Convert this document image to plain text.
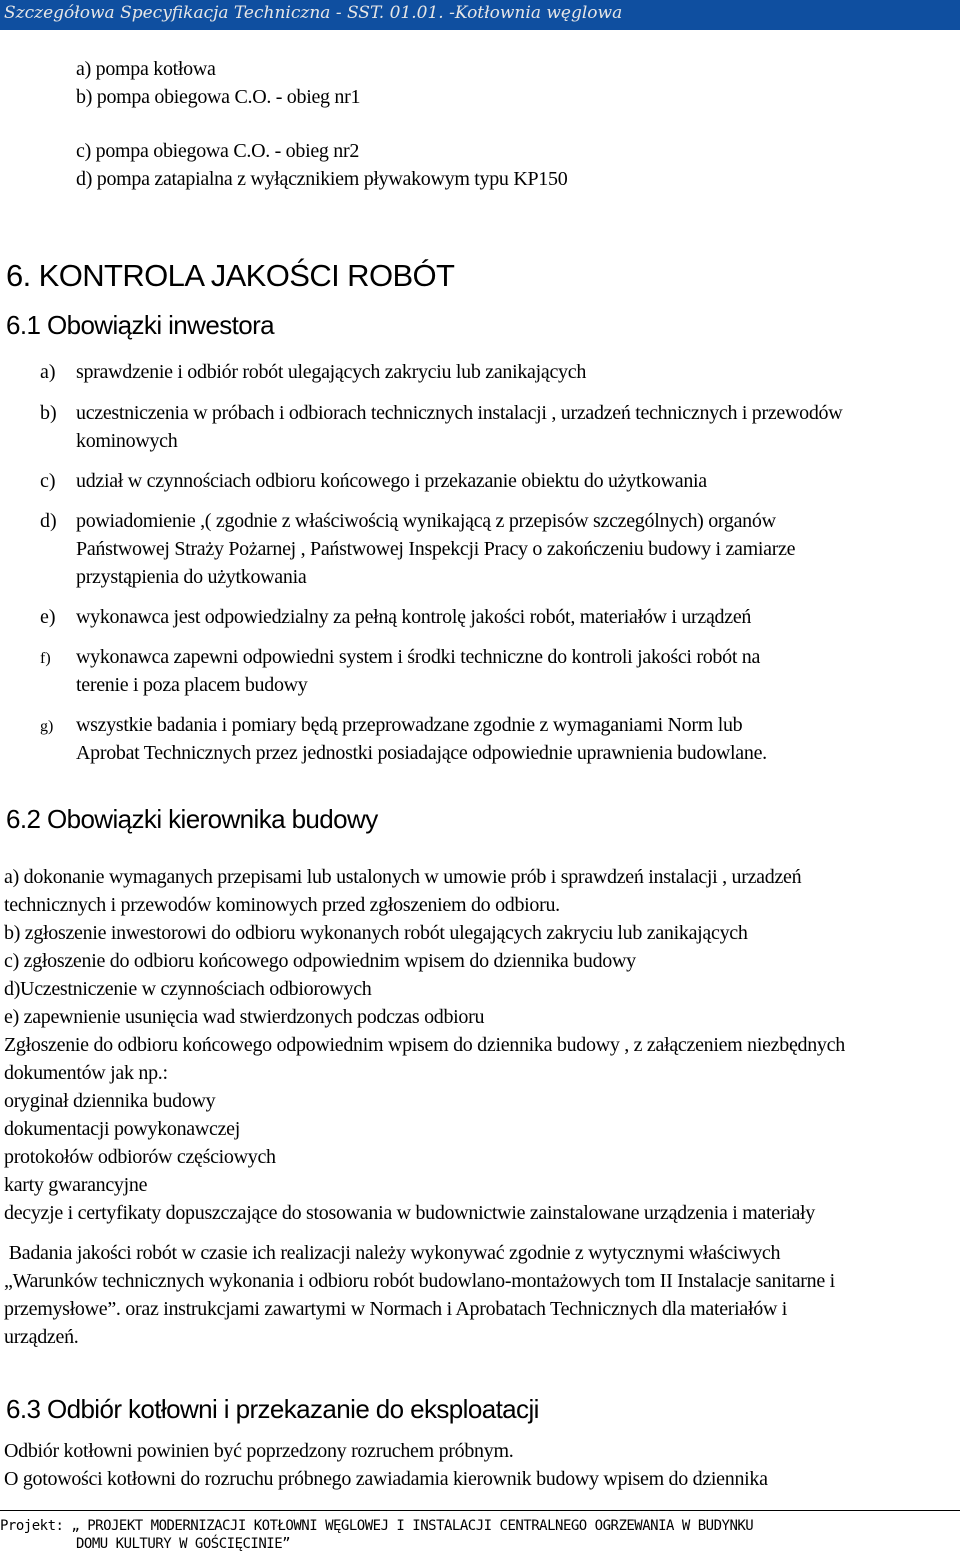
Szczegółowa Specyfikacja Techniczna - SST. 01.01. -Kotłownia węglowa
a) pompa kotłowa
b) pompa obiegowa C.O. - obieg nr1
c) pompa obiegowa C.O. - obieg nr2
d) pompa zatapialna z wyłącznikiem pływakowym typu KP150
6. KONTROLA JAKOŚCI ROBÓT
6.1 Obowiązki inwestora
a) sprawdzenie i odbiór robót ulegających zakryciu lub zanikających
b) uczestniczenia w próbach i odbiorach technicznych instalacji , urzadzeń technicznych i przewodów
kominowych
c) udział w czynnościach odbioru końcowego i przekazanie obiektu do użytkowania
d) powiadomienie ,( zgodnie z właściwością wynikającą z przepisów szczególnych) organów
Państwowej Straży Pożarnej , Państwowej Inspekcji Pracy o zakończeniu budowy i zamiarze
przystąpienia do użytkowania
e) wykonawca jest odpowiedzialny za pełną kontrolę jakości robót, materiałów i urządzeń
f) wykonawca zapewni odpowiedni system i środki techniczne do kontroli jakości robót na
terenie i poza placem budowy
g) wszystkie badania i pomiary będą przeprowadzane zgodnie z wymaganiami Norm lub
Aprobat Technicznych przez jednostki posiadające odpowiednie uprawnienia budowlane.
6.2 Obowiązki kierownika budowy
a) dokonanie wymaganych przepisami lub ustalonych w umowie prób i sprawdzeń instalacji , urzadzeń
technicznych i przewodów kominowych przed zgłoszeniem do odbioru.
b) zgłoszenie inwestorowi do odbioru wykonanych robót ulegających zakryciu lub zanikających
c) zgłoszenie do odbioru końcowego odpowiednim wpisem do dziennika budowy
d)Uczestniczenie w czynnościach odbiorowych
e) zapewnienie usunięcia wad stwierdzonych podczas odbioru
Zgłoszenie do odbioru końcowego odpowiednim wpisem do dziennika budowy , z załączeniem niezbędnych
dokumentów jak np.:
oryginał dziennika budowy
dokumentacji powykonawczej
protokołów odbiorów częściowych
karty gwarancyjne
decyzje i certyfikaty dopuszczające do stosowania w budownictwie zainstalowane urządzenia i materiały
Badania jakości robót w czasie ich realizacji należy wykonywać zgodnie z wytycznymi właściwych
„Warunków technicznych wykonania i odbioru robót budowlano-montażowych tom II Instalacje sanitarne i
przemysłowe”. oraz instrukcjami zawartymi w Normach i Aprobatach Technicznych dla materiałów i
urządzeń.
6.3 Odbiór kotłowni i przekazanie do eksploatacji
Odbiór kotłowni powinien być poprzedzony rozruchem próbnym.
O gotowości kotłowni do rozruchu próbnego zawiadamia kierownik budowy wpisem do dziennika
Projekt: „ PROJEKT MODERNIZACJI KOTŁOWNI WĘGLOWEJ I INSTALACJI CENTRALNEGO OGRZEWANIA W BUDYNKU
DOMU KULTURY W GOŚCIĘCINIE”
